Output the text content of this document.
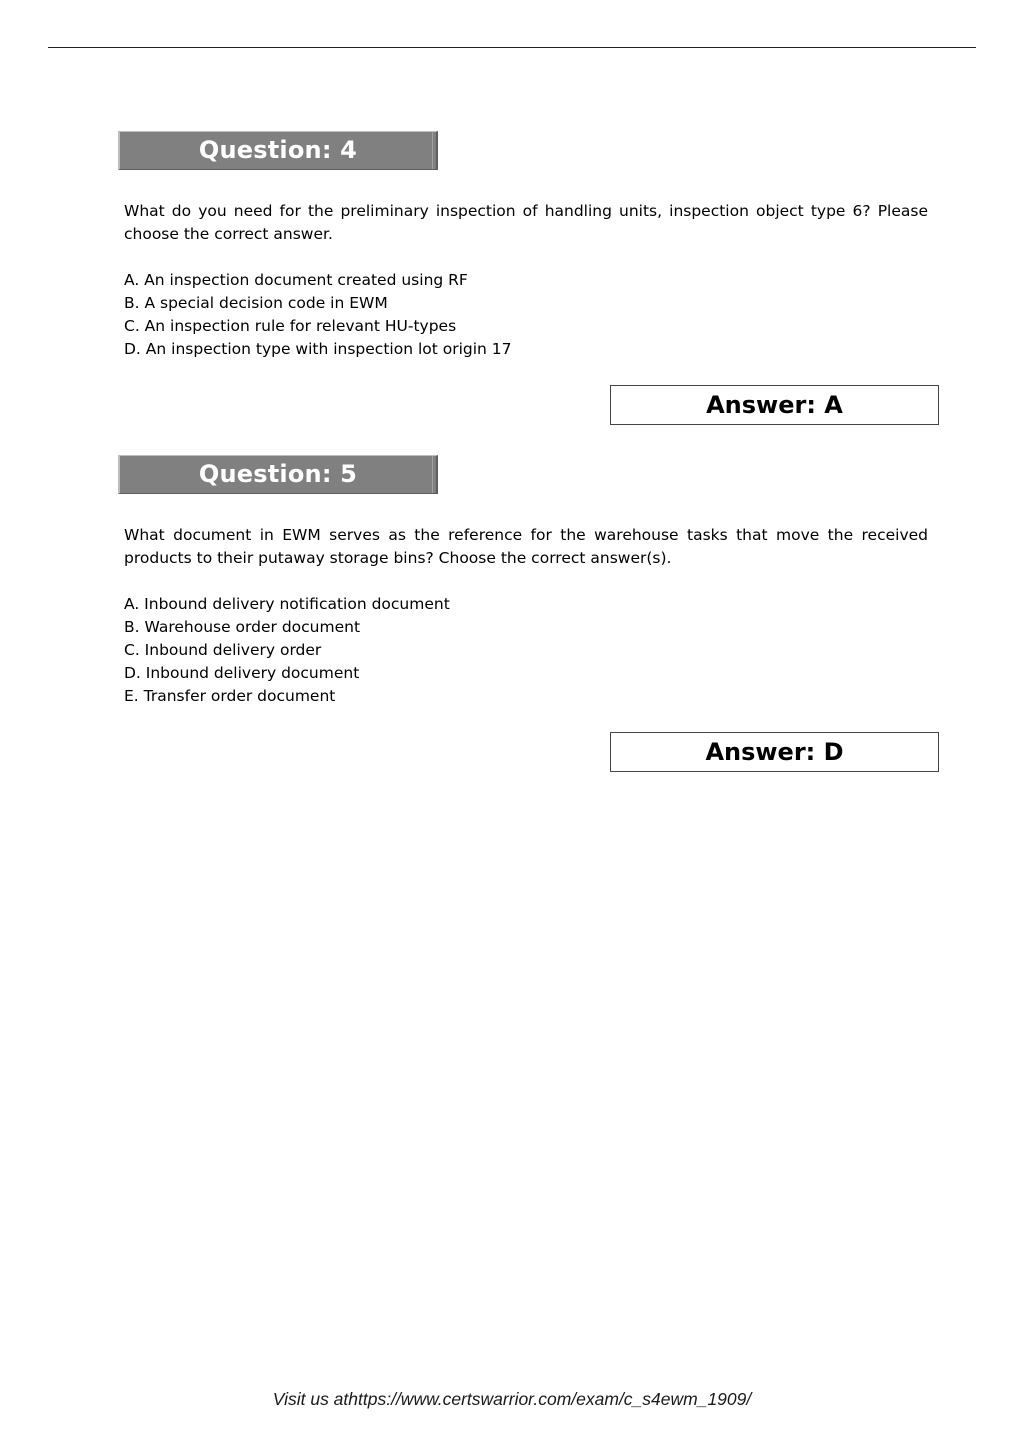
Question: 4
What do you need for the preliminary inspection of handling units, inspection object type 6? Please choose the correct answer.
A. An inspection document created using RF
B. A special decision code in EWM
C. An inspection rule for relevant HU-types
D. An inspection type with inspection lot origin 17
Answer: A
Question: 5
What document in EWM serves as the reference for the warehouse tasks that move the received products to their putaway storage bins? Choose the correct answer(s).
A. Inbound delivery notification document
B. Warehouse order document
C. Inbound delivery order
D. Inbound delivery document
E. Transfer order document
Answer: D
Visit us athttps://www.certswarrior.com/exam/c_s4ewm_1909/
